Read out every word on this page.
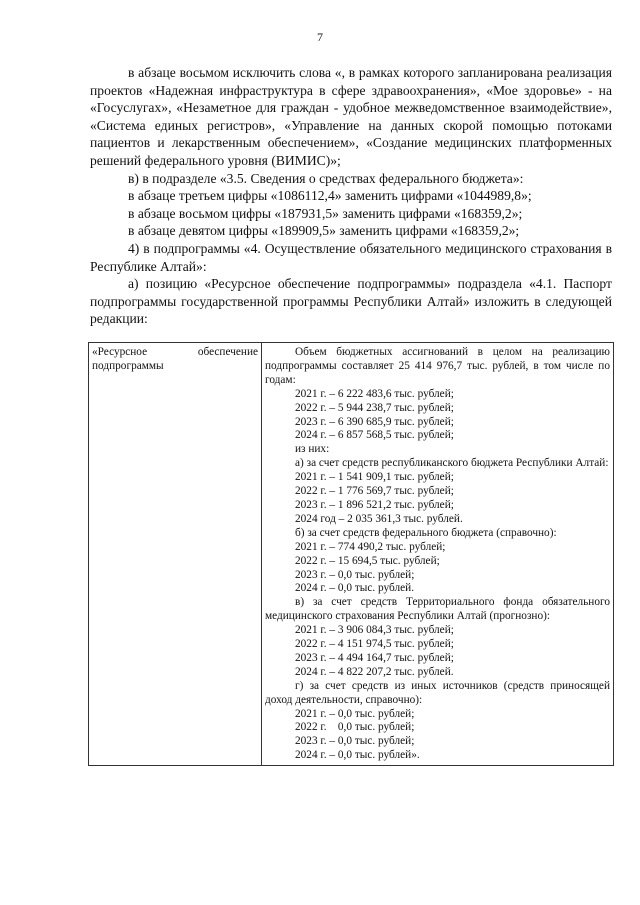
7

в абзаце восьмом исключить слова «, в рамках которого запланирована реализация проектов «Надежная инфраструктура в сфере здравоохранения», «Мое здоровье» - на «Госуслугах», «Незаметное для граждан - удобное межведомственное взаимодействие», «Система единых регистров», «Управление на данных скорой помощью потоками пациентов и лекарственным обеспечением», «Создание медицинских платформенных решений федерального уровня (ВИМИС)»;

в) в подразделе «3.5. Сведения о средствах федерального бюджета»:

в абзаце третьем цифры «1086112,4» заменить цифрами «1044989,8»;

в абзаце восьмом цифры «187931,5» заменить цифрами «168359,2»;

в абзаце девятом цифры «189909,5» заменить цифрами «168359,2»;

4) в подпрограммы «4. Осуществление обязательного медицинского страхования в Республике Алтай»:

а) позицию «Ресурсное обеспечение подпрограммы» подраздела «4.1. Паспорт подпрограммы государственной программы Республики Алтай» изложить в следующей редакции:

«Ресурсное обеспечение подпрограммы	
Объем бюджетных ассигнований в целом на реализацию подпрограммы составляет 25 414 976,7 тыс. рублей, в том числе по годам:
2021 г. – 6 222 483,6 тыс. рублей;
2022 г. – 5 944 238,7 тыс. рублей;
2023 г. – 6 390 685,9 тыс. рублей;
2024 г. – 6 857 568,5 тыс. рублей;
из них:
а) за счет средств республиканского бюджета Республики Алтай:
2021 г. – 1 541 909,1 тыс. рублей;
2022 г. – 1 776 569,7 тыс. рублей;
2023 г. – 1 896 521,2 тыс. рублей;
2024 год – 2 035 361,3 тыс. рублей.
б) за счет средств федерального бюджета (справочно):
2021 г. – 774 490,2 тыс. рублей;
2022 г. – 15 694,5 тыс. рублей;
2023 г. – 0,0 тыс. рублей;
2024 г. – 0,0 тыс. рублей.
в) за счет средств Территориального фонда обязательного медицинского страхования Республики Алтай (прогнозно):
2021 г. – 3 906 084,3 тыс. рублей;
2022 г. – 4 151 974,5 тыс. рублей;
2023 г. – 4 494 164,7 тыс. рублей;
2024 г. – 4 822 207,2 тыс. рублей.
г) за счет средств из иных источников (средств приносящей доход деятельности, справочно):
2021 г. – 0,0 тыс. рублей;
2022 г.    0,0 тыс. рублей;
2023 г. – 0,0 тыс. рублей;
2024 г. – 0,0 тыс. рублей».
